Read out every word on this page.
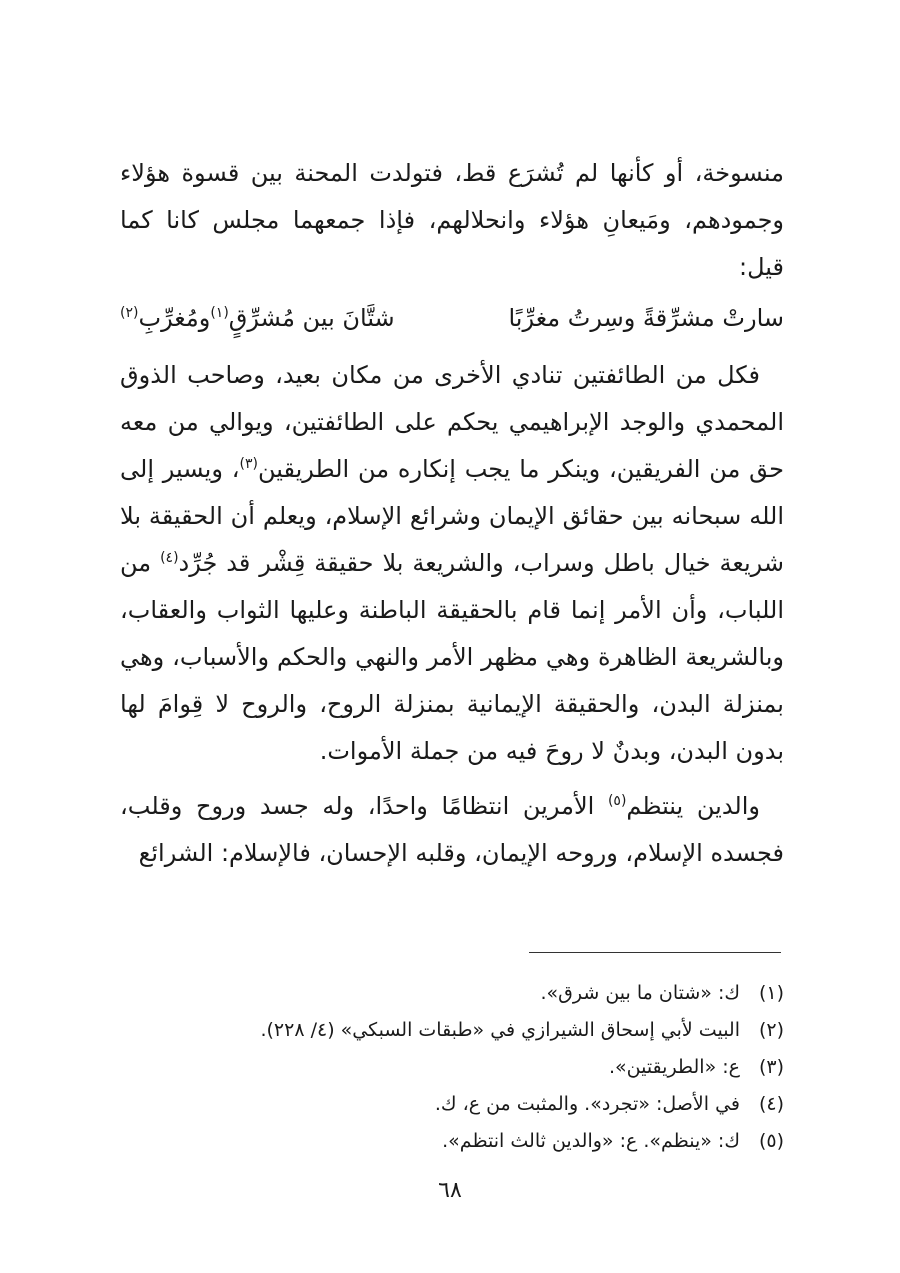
منسوخة، أو كأنها لم تُشرَع قط، فتولدت المحنة بين قسوة هؤلاء وجمودهم، ومَيعانِ هؤلاء وانحلالهم، فإذا جمعهما مجلس كانا كما قيل:

سارتْ مشرِّقةً وسِرتُ مغرِّبًا
شتَّانَ بين مُشرِّقٍ$^{(١)}$ومُغرِّبِ$^{(٢)}$

فكل من الطائفتين تنادي الأخرى من مكان بعيد، وصاحب الذوق المحمدي والوجد الإبراهيمي يحكم على الطائفتين، ويوالي من معه حق من الفريقين، وينكر ما يجب إنكاره من الطريقين$^{(٣)}$، ويسير إلى الله سبحانه بين حقائق الإيمان وشرائع الإسلام، ويعلم أن الحقيقة بلا شريعة خيال باطل وسراب، والشريعة بلا حقيقة قِشْر قد جُرِّد$^{(٤)}$ من اللباب، وأن الأمر إنما قام بالحقيقة الباطنة وعليها الثواب والعقاب، وبالشريعة الظاهرة وهي مظهر الأمر والنهي والحكم والأسباب، وهي بمنزلة البدن، والحقيقة الإيمانية بمنزلة الروح، والروح لا قِوامَ لها بدون البدن، وبدنٌ لا روحَ فيه من جملة الأموات.

والدين ينتظم$^{(٥)}$ الأمرين انتظامًا واحدًا، وله جسد وروح وقلب، فجسده الإسلام، وروحه الإيمان، وقلبه الإحسان، فالإسلام: الشرائع

(١)
ك: «شتان ما بين شرق».
(٢)
البيت لأبي إسحاق الشيرازي في «طبقات السبكي» (٤/ ٢٢٨).
(٣)
ع: «الطريقتين».
(٤)
في الأصل: «تجرد». والمثبت من ع، ك.
(٥)
ك: «ينظم». ع: «والدين ثالث انتظم».
٦٨
